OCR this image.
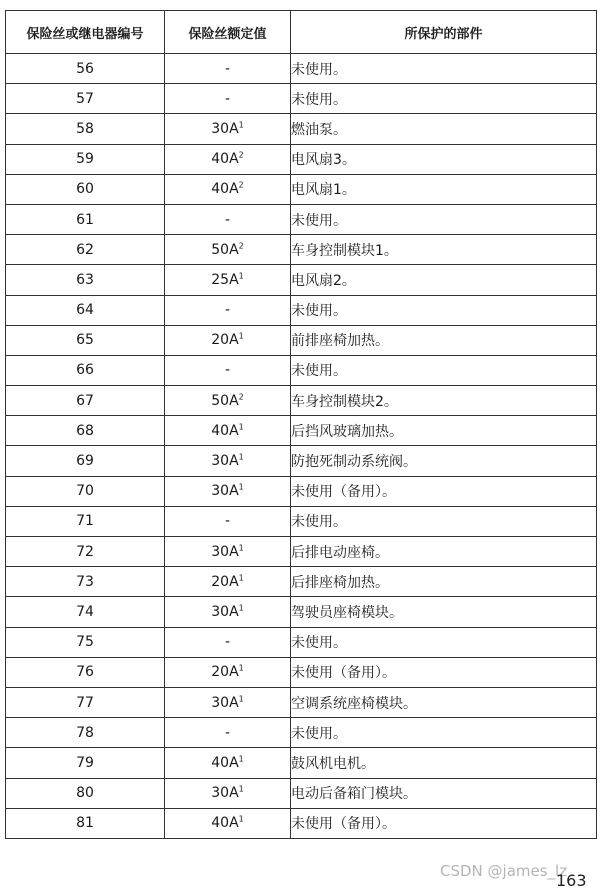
保险丝或继电器编号	保险丝额定值	所保护的部件
56	-	未使用。
57	-	未使用。
58	$30A^1$	燃油泵。
59	$40A^2$	电风扇3。
60	$40A^2$	电风扇1。
61	-	未使用。
62	$50A^2$	车身控制模块1。
63	$25A^1$	电风扇2。
64	-	未使用。
65	$20A^1$	前排座椅加热。
66	-	未使用。
67	$50A^2$	车身控制模块2。
68	$40A^1$	后挡风玻璃加热。
69	$30A^1$	防抱死制动系统阀。
70	$30A^1$	未使用（备用）。
71	-	未使用。
72	$30A^1$	后排电动座椅。
73	$20A^1$	后排座椅加热。
74	$30A^1$	驾驶员座椅模块。
75	-	未使用。
76	$20A^1$	未使用（备用）。
77	$30A^1$	空调系统座椅模块。
78	-	未使用。
79	$40A^1$	鼓风机电机。
80	$30A^1$	电动后备箱门模块。
81	$40A^1$	未使用（备用）。
CSDN @james_lz
163
